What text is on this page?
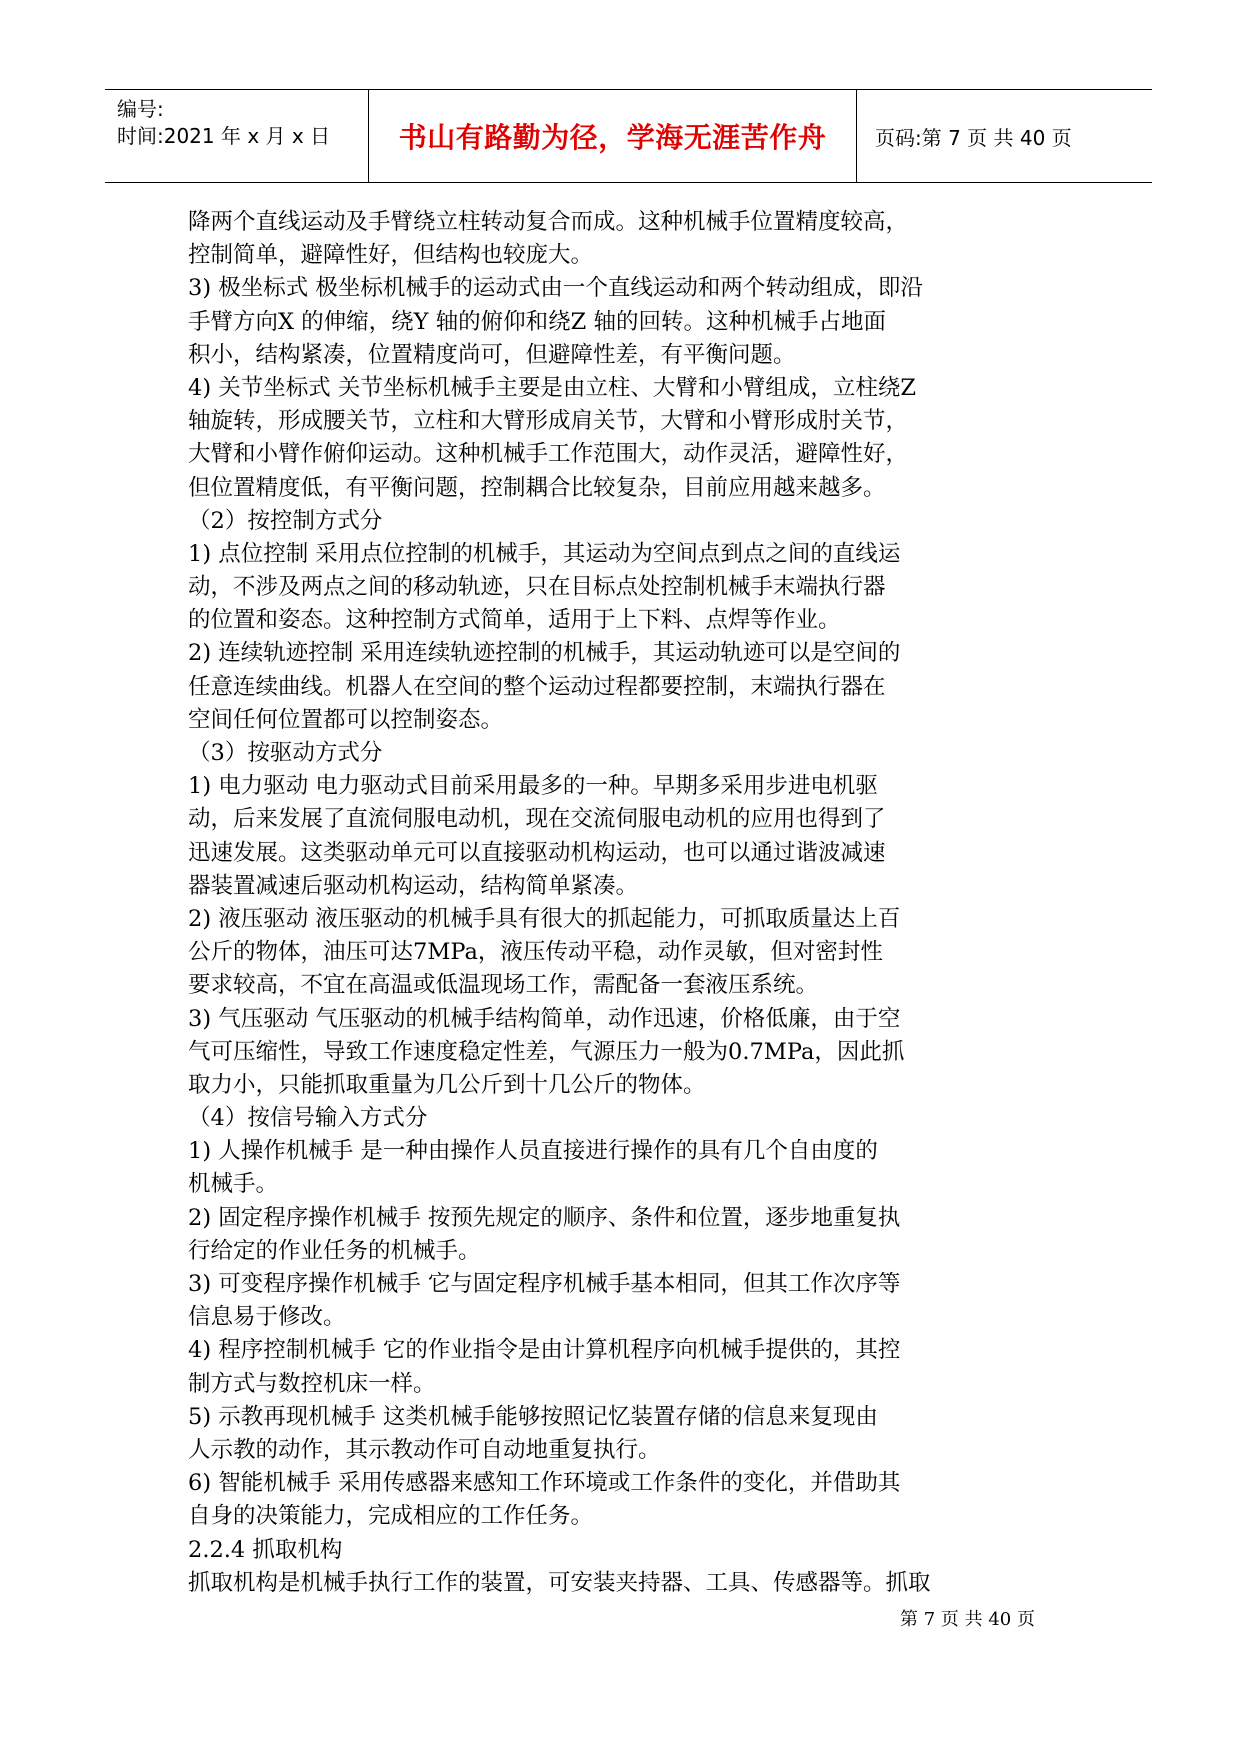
编号:
时间:2021 年 x 月 x 日 书山有路勤为径，学海无涯苦作舟 页码:第 7 页 共 40 页
降两个直线运动及手臂绕立柱转动复合而成。这种机械手位置精度较高，
控制简单，避障性好，但结构也较庞大。
3) 极坐标式 极坐标机械手的运动式由一个直线运动和两个转动组成，即沿
手臂方向X 的伸缩，绕Y 轴的俯仰和绕Z 轴的回转。这种机械手占地面
积小，结构紧凑，位置精度尚可，但避障性差，有平衡问题。
4) 关节坐标式 关节坐标机械手主要是由立柱、大臂和小臂组成，立柱绕Z
轴旋转，形成腰关节，立柱和大臂形成肩关节，大臂和小臂形成肘关节，
大臂和小臂作俯仰运动。这种机械手工作范围大，动作灵活，避障性好，
但位置精度低，有平衡问题，控制耦合比较复杂，目前应用越来越多。
（2）按控制方式分
1) 点位控制 采用点位控制的机械手，其运动为空间点到点之间的直线运
动，不涉及两点之间的移动轨迹，只在目标点处控制机械手末端执行器
的位置和姿态。这种控制方式简单，适用于上下料、点焊等作业。
2) 连续轨迹控制 采用连续轨迹控制的机械手，其运动轨迹可以是空间的
任意连续曲线。机器人在空间的整个运动过程都要控制，末端执行器在
空间任何位置都可以控制姿态。
（3）按驱动方式分
1) 电力驱动 电力驱动式目前采用最多的一种。早期多采用步进电机驱
动，后来发展了直流伺服电动机，现在交流伺服电动机的应用也得到了
迅速发展。这类驱动单元可以直接驱动机构运动，也可以通过谐波减速
器装置减速后驱动机构运动，结构简单紧凑。
2) 液压驱动 液压驱动的机械手具有很大的抓起能力，可抓取质量达上百
公斤的物体，油压可达7MPa，液压传动平稳，动作灵敏，但对密封性
要求较高，不宜在高温或低温现场工作，需配备一套液压系统。
3) 气压驱动 气压驱动的机械手结构简单，动作迅速，价格低廉，由于空
气可压缩性，导致工作速度稳定性差，气源压力一般为0.7MPa，因此抓
取力小，只能抓取重量为几公斤到十几公斤的物体。
（4）按信号输入方式分
1) 人操作机械手 是一种由操作人员直接进行操作的具有几个自由度的
机械手。
2) 固定程序操作机械手 按预先规定的顺序、条件和位置，逐步地重复执
行给定的作业任务的机械手。
3) 可变程序操作机械手 它与固定程序机械手基本相同，但其工作次序等
信息易于修改。
4) 程序控制机械手 它的作业指令是由计算机程序向机械手提供的，其控
制方式与数控机床一样。
5) 示教再现机械手 这类机械手能够按照记忆装置存储的信息来复现由
人示教的动作，其示教动作可自动地重复执行。
6) 智能机械手 采用传感器来感知工作环境或工作条件的变化，并借助其
自身的决策能力，完成相应的工作任务。
2.2.4 抓取机构
抓取机构是机械手执行工作的装置，可安装夹持器、工具、传感器等。抓取
第 7 页 共 40 页
